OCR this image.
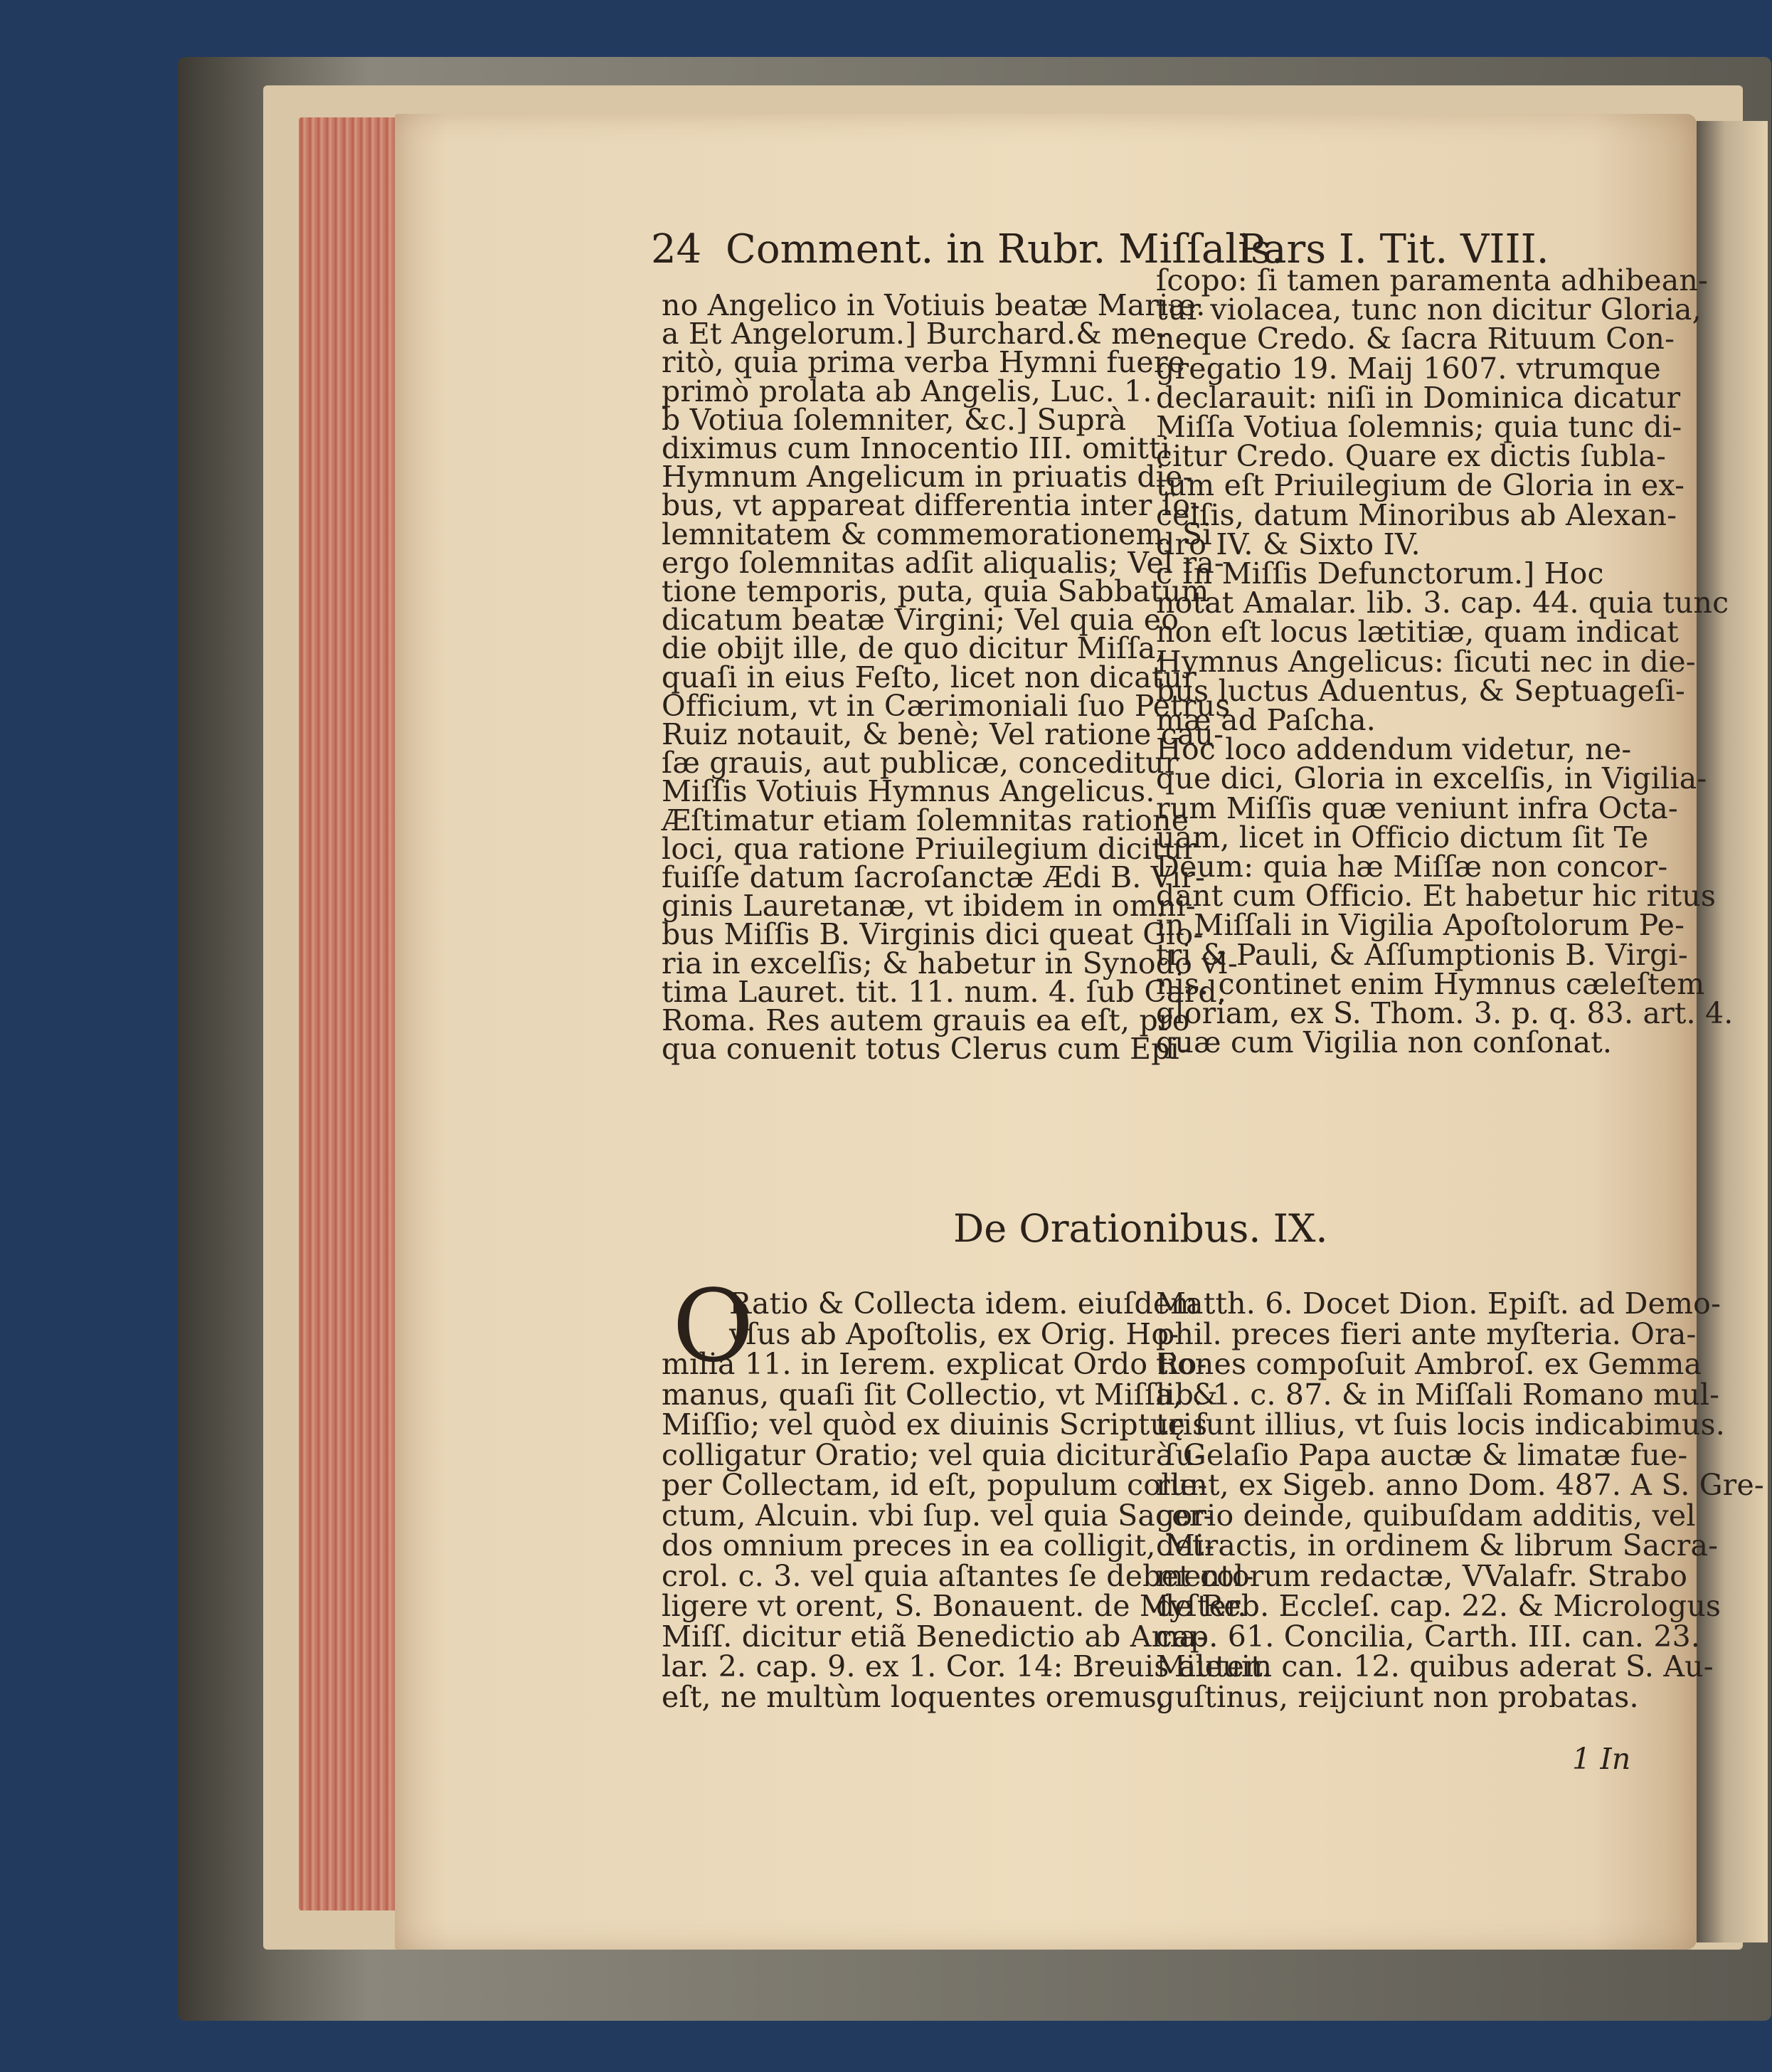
24 Comment. in Rubr. Miſſalis.
Pars I. Tit. VIII.
no Angelico in Votiuis beatæ Mariæ.
a Et Angelorum.] Burchard.& me-
ritò, quia prima verba Hymni fuere
primò prolata ab Angelis, Luc. 1.
b Votiua ſolemniter, &c.] Suprà
diximus cum Innocentio III. omitti
Hymnum Angelicum in priuatis die-
bus, vt appareat differentia inter ſo-
lemnitatem & commemorationem. Si
ergo ſolemnitas adſit aliqualis; Vel ra-
tione temporis, puta, quia Sabbatum
dicatum beatæ Virgini; Vel quia eo
die obijt ille, de quo dicitur Miſſa,
quaſi in eius Feſto, licet non dicatur
Officium, vt in Cærimoniali ſuo Petrus
Ruiz notauit, & benè; Vel ratione cau-
ſæ grauis, aut publicæ, conceditur
Miſſis Votiuis Hymnus Angelicus.
Æſtimatur etiam ſolemnitas ratione
loci, qua ratione Priuilegium dicitur
fuiſſe datum ſacroſanctæ Ædi B. Vir-
ginis Lauretanæ, vt ibidem in omni-
bus Miſſis B. Virginis dici queat Glo-
ria in excelſis; & habetur in Synodo vl-
tima Lauret. tit. 11. num. 4. ſub Card.
Roma. Res autem grauis ea eſt, pro
qua conuenit totus Clerus cum Epi-
ſcopo: ſi tamen paramenta adhibean-
tur violacea, tunc non dicitur Gloria,
neque Credo. & ſacra Rituum Con-
gregatio 19. Maij 1607. vtrumque
declarauit: niſi in Dominica dicatur
Miſſa Votiua ſolemnis; quia tunc di-
citur Credo. Quare ex dictis ſubla-
tum eſt Priuilegium de Gloria in ex-
celſis, datum Minoribus ab Alexan-
dro IV. & Sixto IV.
c In Miſſis Defunctorum.] Hoc
notat Amalar. lib. 3. cap. 44. quia tunc
non eſt locus lætitiæ, quam indicat
Hymnus Angelicus: ſicuti nec in die-
bus luctus Aduentus, & Septuageſi-
mæ ad Paſcha.
Hoc loco addendum videtur, ne-
que dici, Gloria in excelſis, in Vigilia-
rum Miſſis quæ veniunt infra Octa-
uam, licet in Officio dictum ſit Te
Deum: quia hæ Miſſæ non concor-
dant cum Officio. Et habetur hic ritus
in Miſſali in Vigilia Apoſtolorum Pe-
tri & Pauli, & Aſſumptionis B. Virgi-
nis. continet enim Hymnus cæleſtem
gloriam, ex S. Thom. 3. p. q. 83. art. 4.
quæ cum Vigilia non conſonat.
De Orationibus. IX.
O
Ratio & Collecta idem. eiuſdem
vſus ab Apoſtolis, ex Orig. Ho-
milia 11. in Ierem. explicat Ordo Ro-
manus, quaſi ſit Collectio, vt Miſſa, &
Miſſio; vel quòd ex diuinis Scripturis
colligatur Oratio; vel quia dicitur ſu-
per Collectam, id eſt, populum colle-
ctum, Alcuin. vbi ſup. vel quia Sacer-
dos omnium preces in ea colligit, Mi-
crol. c. 3. vel quia aſtantes ſe debet col-
ligere vt orent, S. Bonauent. de Myſter.
Miſſ. dicitur etiã Benedictio ab Ama-
lar. 2. cap. 9. ex 1. Cor. 14: Breuis autem
eſt, ne multùm loquentes oremus,
Matth. 6. Docet Dion. Epiſt. ad Demo-
phil. preces fieri ante myſteria. Ora-
tiones compoſuit Ambroſ. ex Gemma
lib. 1. c. 87. & in Miſſali Romano mul-
tę ſunt illius, vt ſuis locis indicabimus.
à Gelaſio Papa auctæ & limatæ fue-
runt, ex Sigeb. anno Dom. 487. A S. Gre-
gorio deinde, quibuſdam additis, vel
detractis, in ordinem & librum Sacra-
mentorum redactæ, VValafr. Strabo
de Reb. Eccleſ. cap. 22. & Micrologus
cap. 61. Concilia, Carth. III. can. 23.
Mileuit. can. 12. quibus aderat S. Au-
guſtinus, reijciunt non probatas.
1 In
